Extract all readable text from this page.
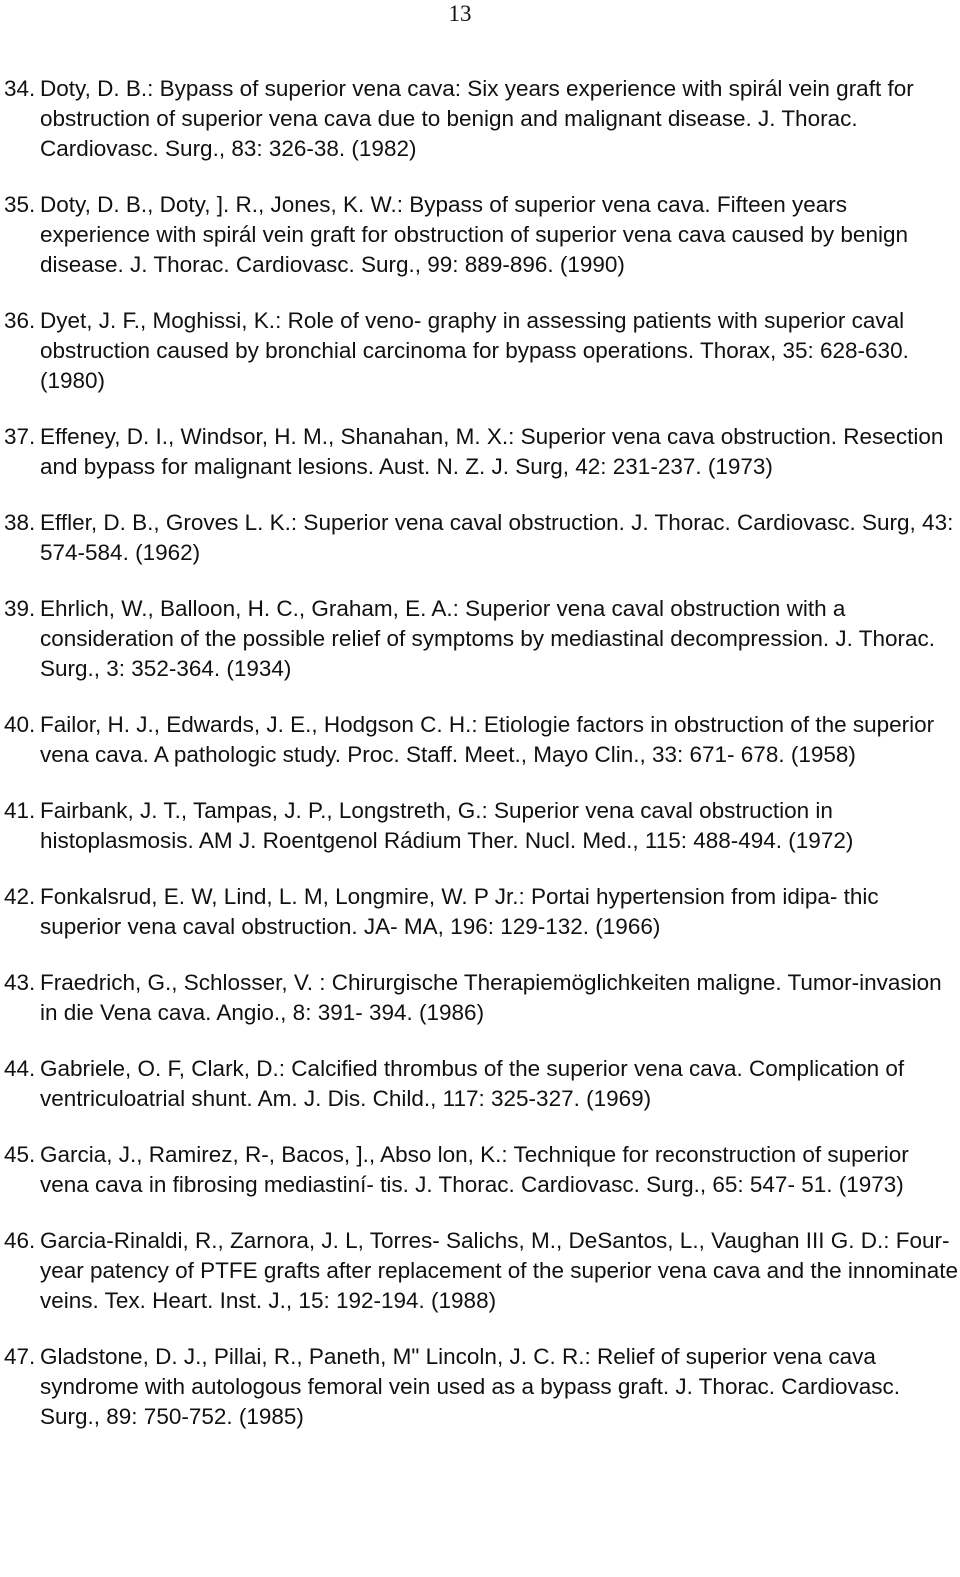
13
34. Doty, D. B.: Bypass of superior vena cava: Six years experience with spirál vein graft for obstruction of superior vena cava due to benign and malignant disease. J. Thorac. Cardiovasc. Surg., 83: 326-38. (1982)
35. Doty, D. B., Doty, ]. R., Jones, K. W.: Bypass of superior vena cava. Fifteen years experience with spirál vein graft for obstruction of superior vena cava caused by benign disease. J. Thorac. Cardiovasc. Surg., 99: 889-896. (1990)
36. Dyet, J. F., Moghissi, K.: Role of veno- graphy in assessing patients with superior caval obstruction caused by bronchial carcinoma for bypass operations. Thorax, 35: 628-630. (1980)
37. Effeney, D. I., Windsor, H. M., Shanahan, M. X.: Superior vena cava obstruction. Resection and bypass for malignant lesions. Aust. N. Z. J. Surg, 42: 231-237. (1973)
38. Effler, D. B., Groves L. K.: Superior vena caval obstruction. J. Thorac. Cardiovasc. Surg, 43: 574-584. (1962)
39. Ehrlich, W., Balloon, H. C., Graham, E. A.: Superior vena caval obstruction with a consideration of the possible relief of symptoms by mediastinal decompression. J. Thorac. Surg., 3: 352-364. (1934)
40. Failor, H. J., Edwards, J. E., Hodgson C. H.: Etiologie factors in obstruction of the superior vena cava. A pathologic study. Proc. Staff. Meet., Mayo Clin., 33: 671- 678. (1958)
41. Fairbank, J. T., Tampas, J. P., Longstreth, G.: Superior vena caval obstruction in histoplasmosis. AM J. Roentgenol Rádium Ther. Nucl. Med., 115: 488-494. (1972)
42. Fonkalsrud, E. W, Lind, L. M, Longmire, W. P Jr.: Portai hypertension from idipa- thic superior vena caval obstruction. JA- MA, 196: 129-132. (1966)
43. Fraedrich, G., Schlosser, V. : Chirurgische Therapiemöglichkeiten maligne. Tumor-invasion in die Vena cava. Angio., 8: 391- 394. (1986)
44. Gabriele, O. F, Clark, D.: Calcified thrombus of the superior vena cava. Complication of ventriculoatrial shunt. Am. J. Dis. Child., 117: 325-327. (1969)
45. Garcia, J., Ramirez, R-, Bacos, ]., Abso lon, K.: Technique for reconstruction of superior vena cava in fibrosing mediastiní- tis. J. Thorac. Cardiovasc. Surg., 65: 547- 51. (1973)
46. Garcia-Rinaldi, R., Zarnora, J. L, Torres- Salichs, M., DeSantos, L., Vaughan III G. D.: Four-year patency of PTFE grafts after replacement of the superior vena cava and the innominate veins. Tex. Heart. Inst. J., 15: 192-194. (1988)
47. Gladstone, D. J., Pillai, R., Paneth, M" Lincoln, J. C. R.: Relief of superior vena cava syndrome with autologous femoral vein used as a bypass graft. J. Thorac. Cardiovasc. Surg., 89: 750-752. (1985)
